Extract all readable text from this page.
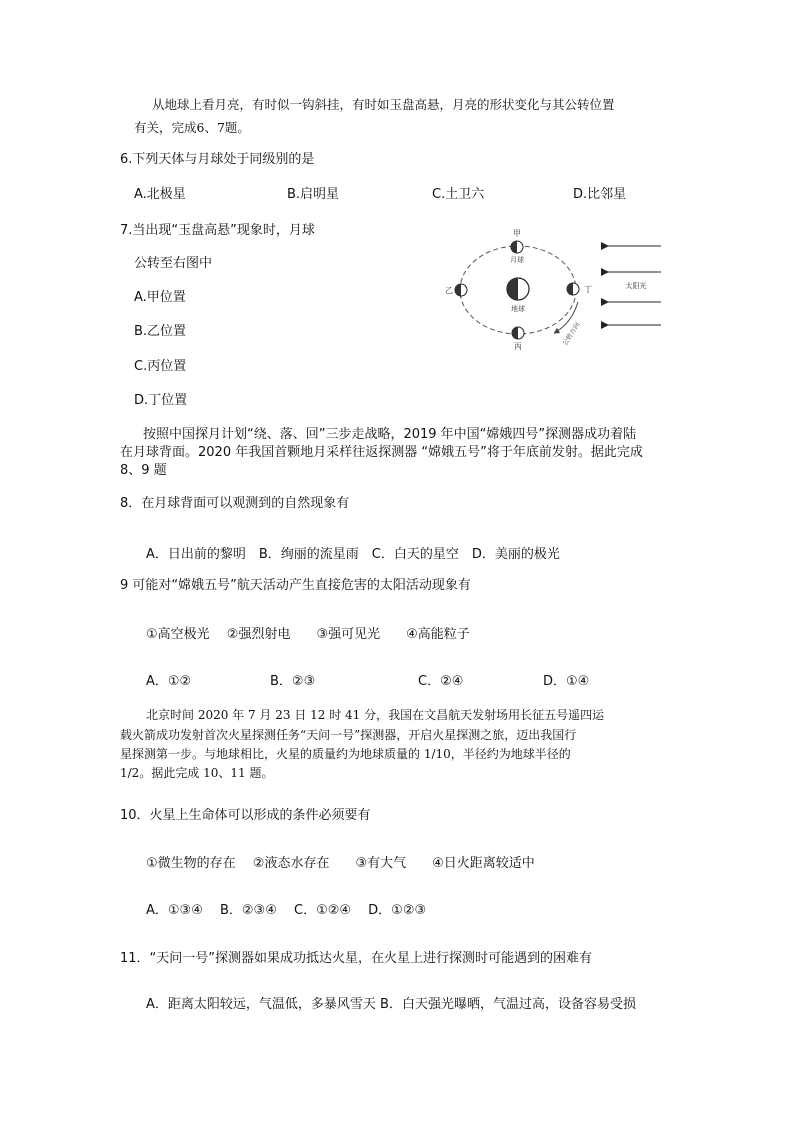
从地球上看月亮，有时似一钩斜挂，有时如玉盘高悬，月亮的形状变化与其公转位置
有关，完成6、7题。
6.下列天体与月球处于同级别的是
A.北极星	B.启明星	C.土卫六	D.比邻星
7.当出现“玉盘高悬”现象时，月球
公转至右图中
A.甲位置
B.乙位置
C.丙位置
D.丁位置
地球
甲
月球
乙
丙
丁
公转方向
太阳光
按照中国探月计划“绕、落、回”三步走战略，2019 年中国“嫦娥四号”探测器成功着陆
在月球背面。2020 年我国首颗地月采样往返探测器 “嫦娥五号”将于年底前发射。据此完成
8、9 题
8．在月球背面可以观测到的自然现象有
A．日出前的黎明　B．绚丽的流星雨　C．白天的星空　D．美丽的极光
9 可能对“嫦娥五号”航天活动产生直接危害的太阳活动现象有
①高空极光　 ②强烈射电　　③强可见光　　④高能粒子
A．①②	B．②③	C．②④	D．①④
北京时间 2020 年 7 月 23 日 12 时 41 分，我国在文昌航天发射场用长征五号遥四运
载火箭成功发射首次火星探测任务“天问一号”探测器，开启火星探测之旅，迈出我国行
星探测第一步。与地球相比，火星的质量约为地球质量的 1/10，半径约为地球半径的
1/2。据此完成 10、11 题。
10．火星上生命体可以形成的条件必须要有
①微生物的存在　 ②液态水存在　　③有大气　　④日火距离较适中
A．①③④　 B．②③④　 C．①②④　 D．①②③
11．“天问一号”探测器如果成功抵达火星，在火星上进行探测时可能遇到的困难有
A．距离太阳较远，气温低，多暴风雪天 B．白天强光曝晒，气温过高，设备容易受损
